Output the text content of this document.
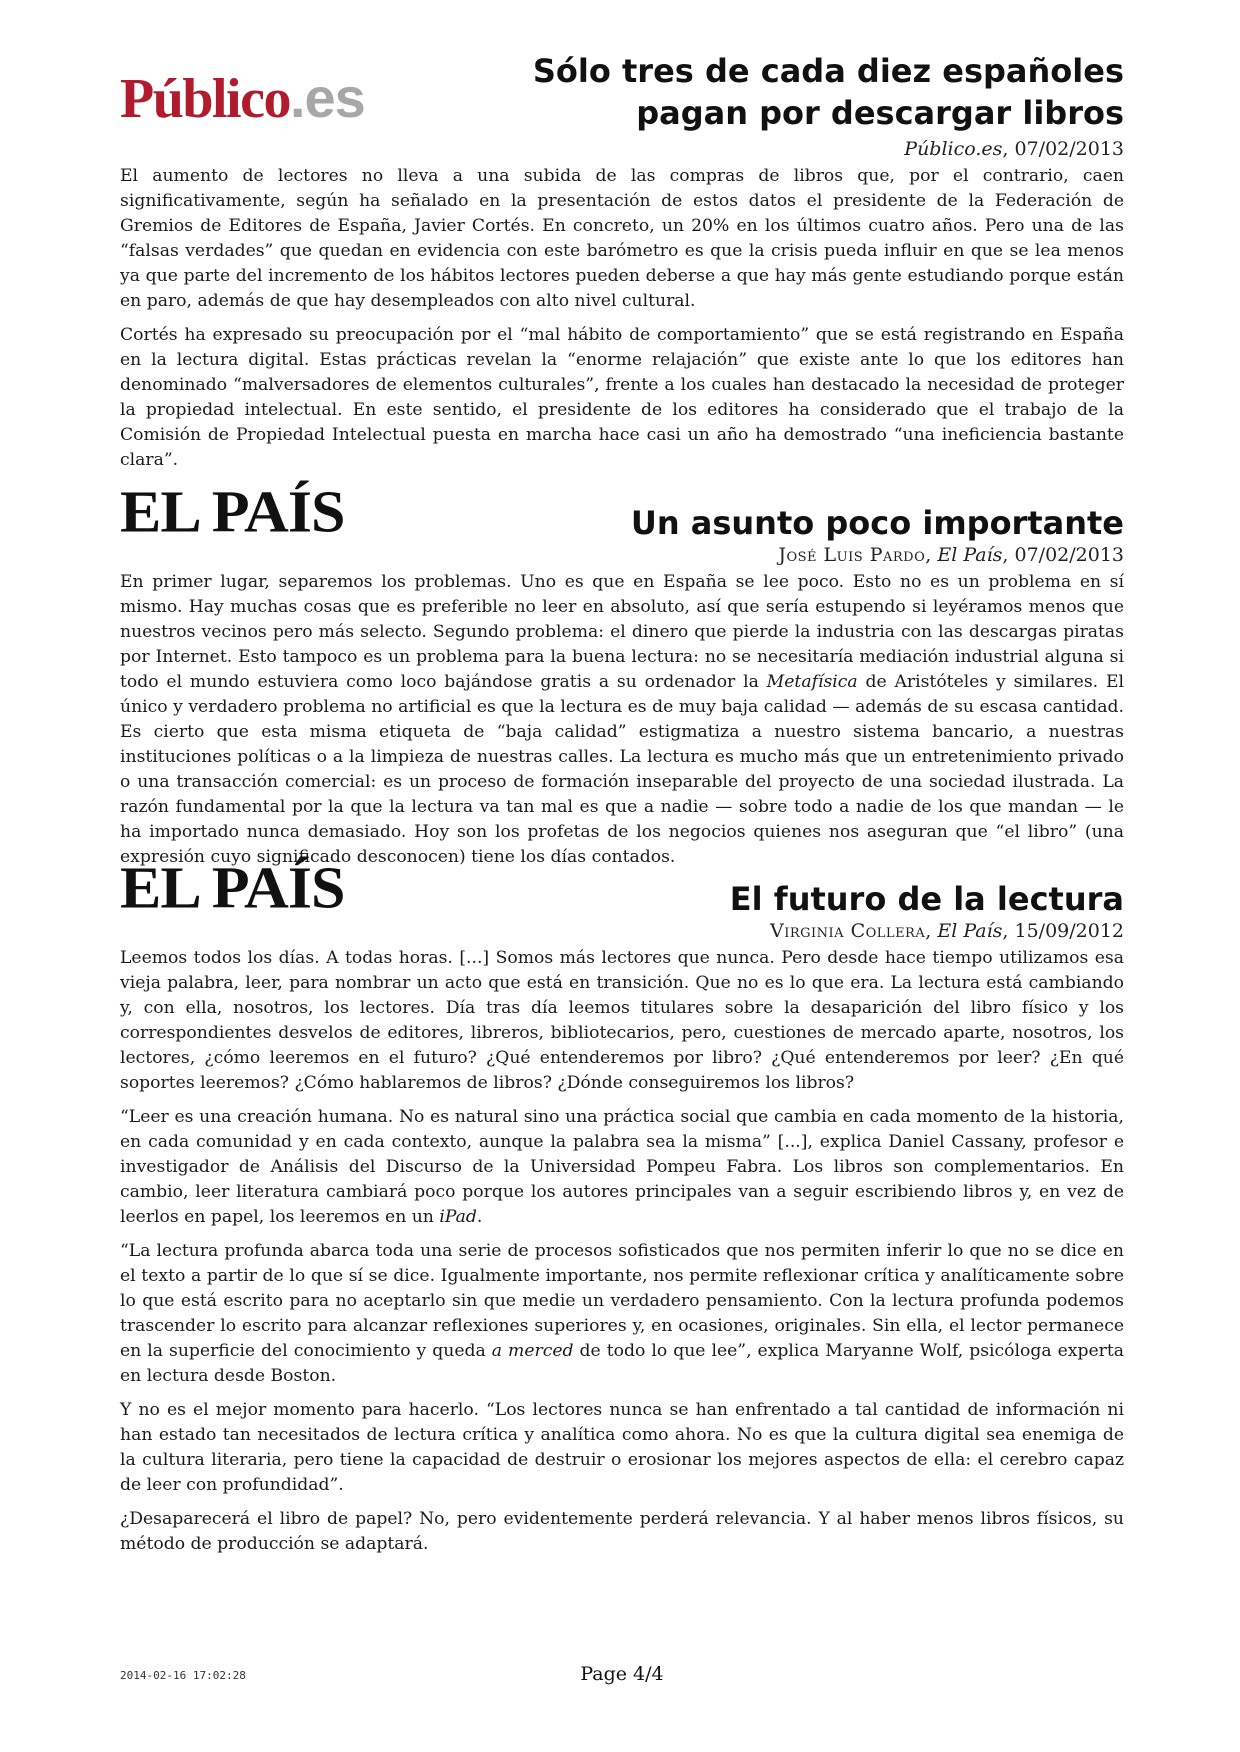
Público.es	Sólo tres de cada diez españoles
pagan por descargar libros
Público.es, 07/02/2013

El aumento de lectores no lleva a una subida de las compras de libros que, por el contrario, caen significativamente, según ha señalado en la presentación de estos datos el presidente de la Federación de Gremios de Editores de España, Javier Cortés. En concreto, un 20% en los últimos cuatro años. Pero una de las “falsas verdades” que quedan en evidencia con este barómetro es que la crisis pueda influir en que se lea menos ya que parte del incremento de los hábitos lectores pueden deberse a que hay más gente estudiando porque están en paro, además de que hay desempleados con alto nivel cultural.

Cortés ha expresado su preocupación por el “mal hábito de comportamiento” que se está registrando en España en la lectura digital. Estas prácticas revelan la “enorme relajación” que existe ante lo que los editores han denominado “malversadores de elementos culturales”, frente a los cuales han destacado la necesidad de proteger la propiedad intelectual. En este sentido, el presidente de los editores ha considerado que el trabajo de la Comisión de Propiedad Intelectual puesta en marcha hace casi un año ha demostrado “una ineficiencia bastante clara”.

EL PAÍS	Un asunto poco importante
José Luis Pardo, El País, 07/02/2013

En primer lugar, separemos los problemas. Uno es que en España se lee poco. Esto no es un problema en sí mismo. Hay muchas cosas que es preferible no leer en absoluto, así que sería estupendo si leyéramos menos que nuestros vecinos pero más selecto. Segundo problema: el dinero que pierde la industria con las descargas piratas por Internet. Esto tampoco es un problema para la buena lectura: no se necesitaría mediación industrial alguna si todo el mundo estuviera como loco bajándose gratis a su ordenador la Metafísica de Aristóteles y similares. El único y verdadero problema no artificial es que la lectura es de muy baja calidad — además de su escasa cantidad. Es cierto que esta misma etiqueta de “baja calidad” estigmatiza a nuestro sistema bancario, a nuestras instituciones políticas o a la limpieza de nuestras calles. La lectura es mucho más que un entretenimiento privado o una transacción comercial: es un proceso de formación inseparable del proyecto de una sociedad ilustrada. La razón fundamental por la que la lectura va tan mal es que a nadie — sobre todo a nadie de los que mandan — le ha importado nunca demasiado. Hoy son los profetas de los negocios quienes nos aseguran que “el libro” (una expresión cuyo significado desconocen) tiene los días contados.

EL PAÍS	El futuro de la lectura
Virginia Collera, El País, 15/09/2012

Leemos todos los días. A todas horas. [...] Somos más lectores que nunca. Pero desde hace tiempo utilizamos esa vieja palabra, leer, para nombrar un acto que está en transición. Que no es lo que era. La lectura está cambiando y, con ella, nosotros, los lectores. Día tras día leemos titulares sobre la desaparición del libro físico y los correspondientes desvelos de editores, libreros, bibliotecarios, pero, cuestiones de mercado aparte, nosotros, los lectores, ¿cómo leeremos en el futuro? ¿Qué entenderemos por libro? ¿Qué entenderemos por leer? ¿En qué soportes leeremos? ¿Cómo hablaremos de libros? ¿Dónde conseguiremos los libros?

“Leer es una creación humana. No es natural sino una práctica social que cambia en cada momento de la historia, en cada comunidad y en cada contexto, aunque la palabra sea la misma” [...], explica Daniel Cassany, profesor e investigador de Análisis del Discurso de la Universidad Pompeu Fabra. Los libros son complementarios. En cambio, leer literatura cambiará poco porque los autores principales van a seguir escribiendo libros y, en vez de leerlos en papel, los leeremos en un iPad.

“La lectura profunda abarca toda una serie de procesos sofisticados que nos permiten inferir lo que no se dice en el texto a partir de lo que sí se dice. Igualmente importante, nos permite reflexionar crítica y analíticamente sobre lo que está escrito para no aceptarlo sin que medie un verdadero pensamiento. Con la lectura profunda podemos trascender lo escrito para alcanzar reflexiones superiores y, en ocasiones, originales. Sin ella, el lector permanece en la superficie del conocimiento y queda a merced de todo lo que lee”, explica Maryanne Wolf, psicóloga experta en lectura desde Boston.

Y no es el mejor momento para hacerlo. “Los lectores nunca se han enfrentado a tal cantidad de información ni han estado tan necesitados de lectura crítica y analítica como ahora. No es que la cultura digital sea enemiga de la cultura literaria, pero tiene la capacidad de destruir o erosionar los mejores aspectos de ella: el cerebro capaz de leer con profundidad”.

¿Desaparecerá el libro de papel? No, pero evidentemente perderá relevancia. Y al haber menos libros físicos, su método de producción se adaptará.

2014-02-16 17:02:28	Page 4/4
